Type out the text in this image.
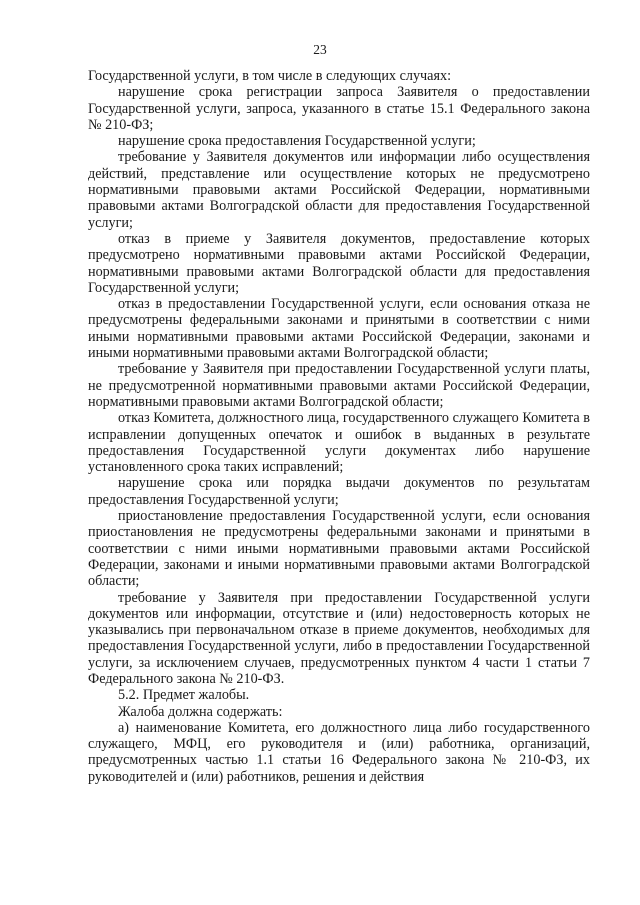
23

Государственной услуги, в том числе в следующих случаях:

нарушение срока регистрации запроса Заявителя о предоставлении Государственной услуги, запроса, указанного в статье 15.1 Федерального закона № 210-ФЗ;

нарушение срока предоставления Государственной услуги;

требование у Заявителя документов или информации либо осуществления действий, представление или осуществление которых не предусмотрено нормативными правовыми актами Российской Федерации, нормативными правовыми актами Волгоградской области для предоставления Государственной услуги;

отказ в приеме у Заявителя документов, предоставление которых предусмотрено нормативными правовыми актами Российской Федерации, нормативными правовыми актами Волгоградской области для предоставления Государственной услуги;

отказ в предоставлении Государственной услуги, если основания отказа не предусмотрены федеральными законами и принятыми в соответствии с ними иными нормативными правовыми актами Российской Федерации, законами и иными нормативными правовыми актами Волгоградской области;

требование у Заявителя при предоставлении Государственной услуги платы, не предусмотренной нормативными правовыми актами Российской Федерации, нормативными правовыми актами Волгоградской области;

отказ Комитета, должностного лица, государственного служащего Комитета в исправлении допущенных опечаток и ошибок в выданных в результате предоставления Государственной услуги документах либо нарушение установленного срока таких исправлений;

нарушение срока или порядка выдачи документов по результатам предоставления Государственной услуги;

приостановление предоставления Государственной услуги, если основания приостановления не предусмотрены федеральными законами и принятыми в соответствии с ними иными нормативными правовыми актами Российской Федерации, законами и иными нормативными правовыми актами Волгоградской области;

требование у Заявителя при предоставлении Государственной услуги документов или информации, отсутствие и (или) недостоверность которых не указывались при первоначальном отказе в приеме документов, необходимых для предоставления Государственной услуги, либо в предоставлении Государственной услуги, за исключением случаев, предусмотренных пунктом 4 части 1 статьи 7 Федерального закона № 210-ФЗ.

5.2. Предмет жалобы.

Жалоба должна содержать:

а) наименование Комитета, его должностного лица либо государственного служащего, МФЦ, его руководителя и (или) работника, организаций, предусмотренных частью 1.1 статьи 16 Федерального закона № 210-ФЗ, их руководителей и (или) работников, решения и действия
